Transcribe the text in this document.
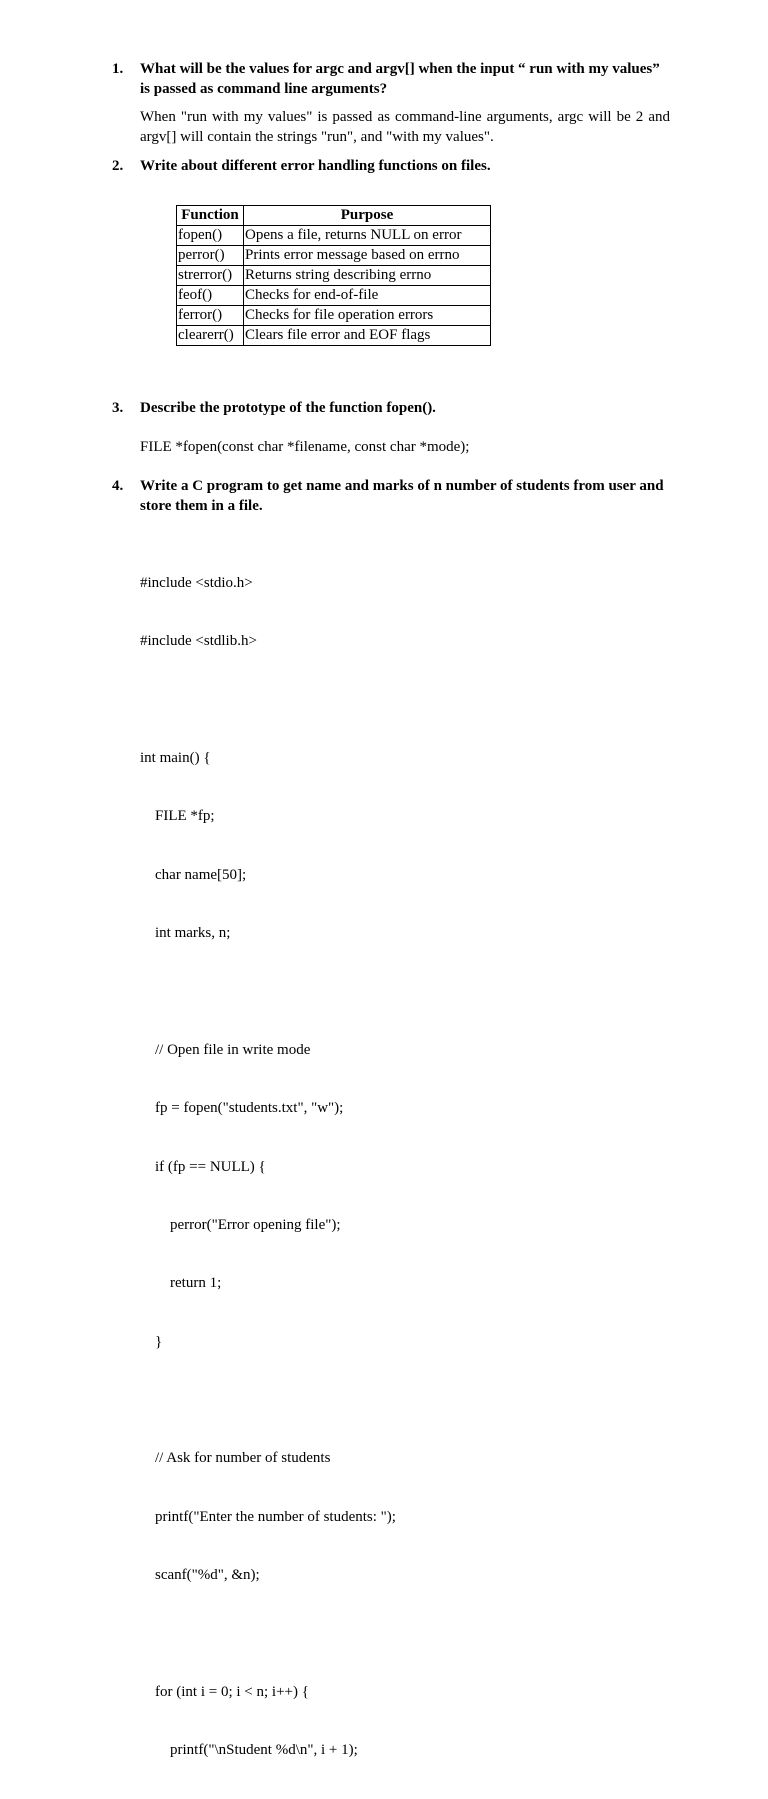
1. What will be the values for argc and argv[] when the input “ run with my values” is passed as command line arguments?
When "run with my values" is passed as command-line arguments, argc will be 2 and argv[] will contain the strings "run", and "with my values".
2. Write about different error handling functions on files.
Function	Purpose
fopen()	Opens a file, returns NULL on error
perror()	Prints error message based on errno
strerror()	Returns string describing errno
feof()	Checks for end-of-file
ferror()	Checks for file operation errors
clearerr()	Clears file error and EOF flags
3. Describe the prototype of the function fopen().
FILE *fopen(const char *filename, const char *mode);
4. Write a C program to get name and marks of n number of students from user and store them in a file.

#include <stdio.h>

#include <stdlib.h>

int main() {

FILE *fp;

char name[50];

int marks, n;

// Open file in write mode

fp = fopen("students.txt", "w");

if (fp == NULL) {

perror("Error opening file");

return 1;

}

// Ask for number of students

printf("Enter the number of students: ");

scanf("%d", &n);

for (int i = 0; i < n; i++) {

printf("\nStudent %d\n", i + 1);
